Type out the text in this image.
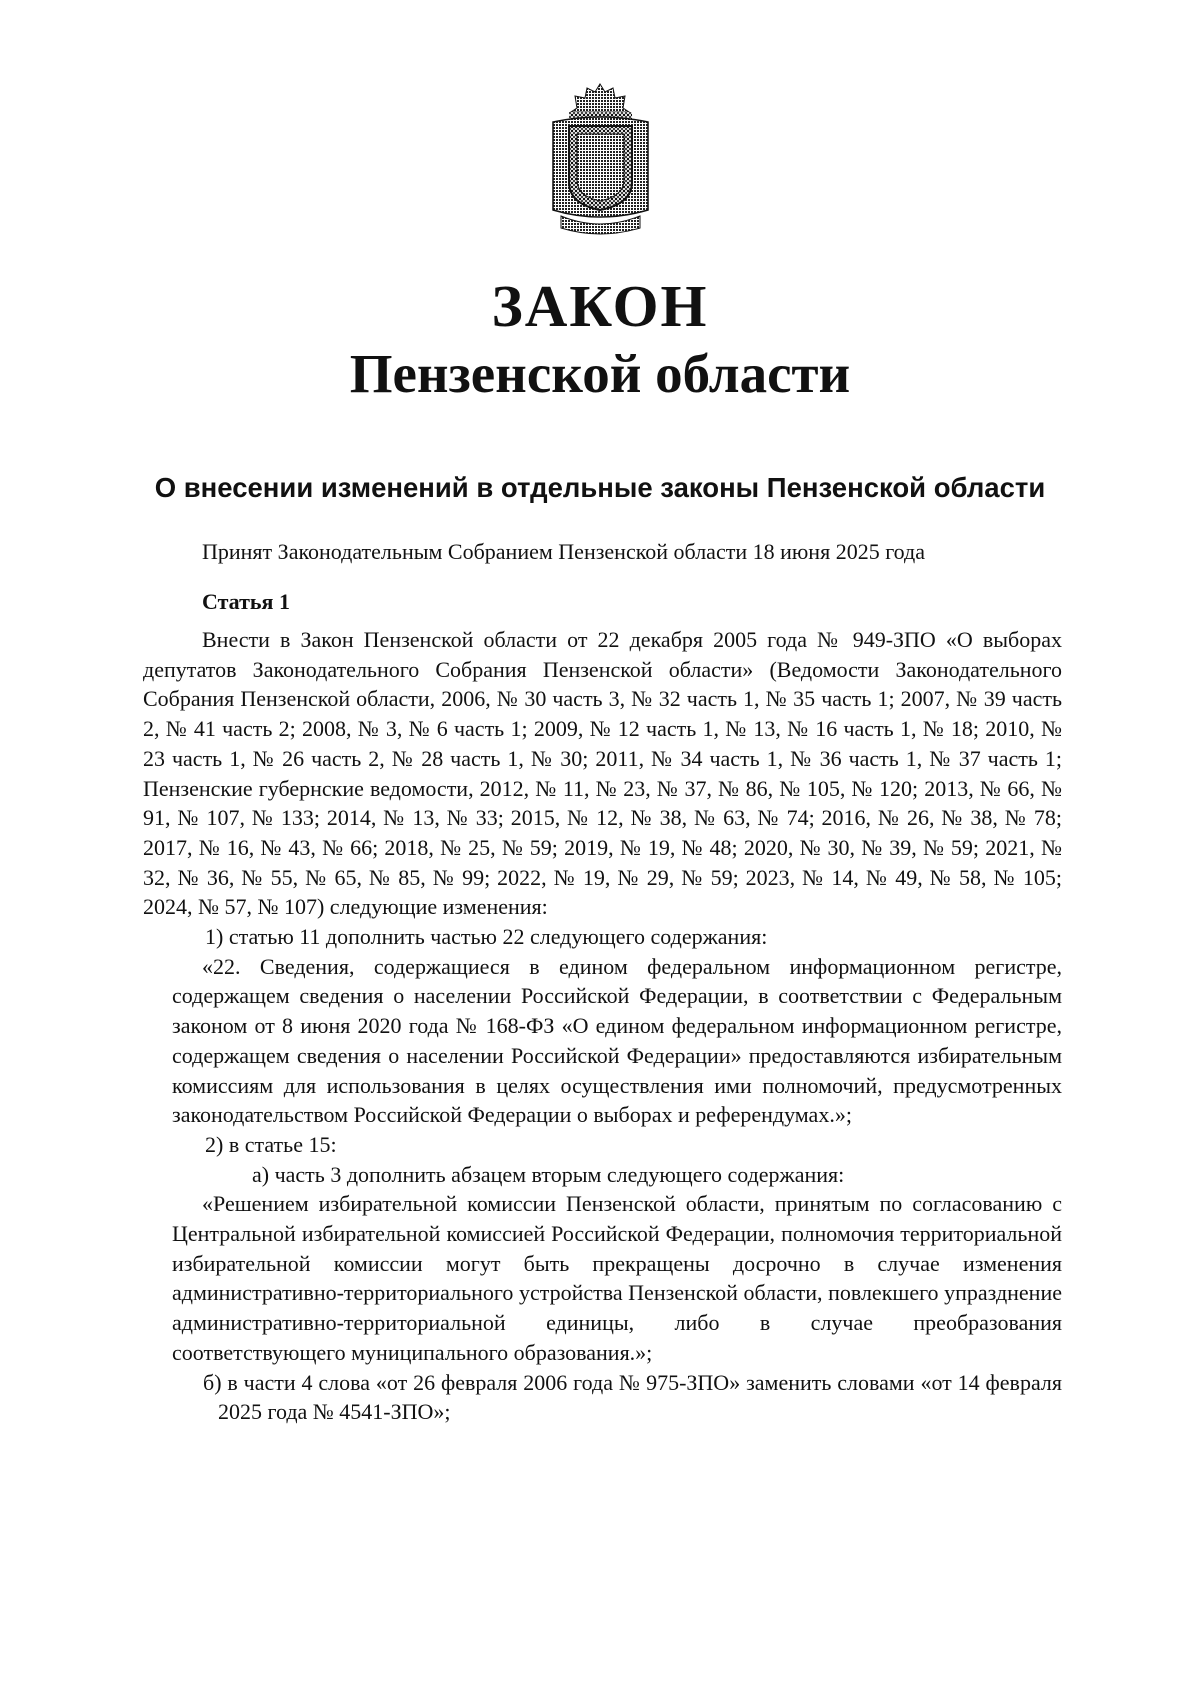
ЗАКОН
Пензенской области
О внесении изменений в отдельные законы Пензенской области
Принят Законодательным Собранием Пензенской области 18 июня 2025 года
Статья 1

Внести в Закон Пензенской области от 22 декабря 2005 года № 949-ЗПО «О выборах депутатов Законодательного Собрания Пензенской области» (Ведомости Законодательного Собрания Пензенской области, 2006, № 30 часть 3, № 32 часть 1, № 35 часть 1; 2007, № 39 часть 2, № 41 часть 2; 2008, № 3, № 6 часть 1; 2009, № 12 часть 1, № 13, № 16 часть 1, № 18; 2010, № 23 часть 1, № 26 часть 2, № 28 часть 1, № 30; 2011, № 34 часть 1, № 36 часть 1, № 37 часть 1; Пензенские губернские ведомости, 2012, № 11, № 23, № 37, № 86, № 105, № 120; 2013, № 66, № 91, № 107, № 133; 2014, № 13, № 33; 2015, № 12, № 38, № 63, № 74; 2016, № 26, № 38, № 78; 2017, № 16, № 43, № 66; 2018, № 25, № 59; 2019, № 19, № 48; 2020, № 30, № 39, № 59; 2021, № 32, № 36, № 55, № 65, № 85, № 99; 2022, № 19, № 29, № 59; 2023, № 14, № 49, № 58, № 105; 2024, № 57, № 107) следующие изменения:

1) статью 11 дополнить частью 22 следующего содержания:

«22. Сведения, содержащиеся в едином федеральном информационном регистре, содержащем сведения о населении Российской Федерации, в соответствии с Федеральным законом от 8 июня 2020 года № 168-ФЗ «О едином федеральном информационном регистре, содержащем сведения о населении Российской Федерации» предоставляются избирательным комиссиям для использования в целях осуществления ими полномочий, предусмотренных законодательством Российской Федерации о выборах и референдумах.»;

2) в статье 15:

а) часть 3 дополнить абзацем вторым следующего содержания:

«Решением избирательной комиссии Пензенской области, принятым по согласованию с Центральной избирательной комиссией Российской Федерации, полномочия территориальной избирательной комиссии могут быть прекращены досрочно в случае изменения административно-территориального устройства Пензенской области, повлекшего упразднение административно-территориальной единицы, либо в случае преобразования соответствующего муниципального образования.»;

б) в части 4 слова «от 26 февраля 2006 года № 975-ЗПО» заменить словами «от 14 февраля 2025 года № 4541-ЗПО»;
